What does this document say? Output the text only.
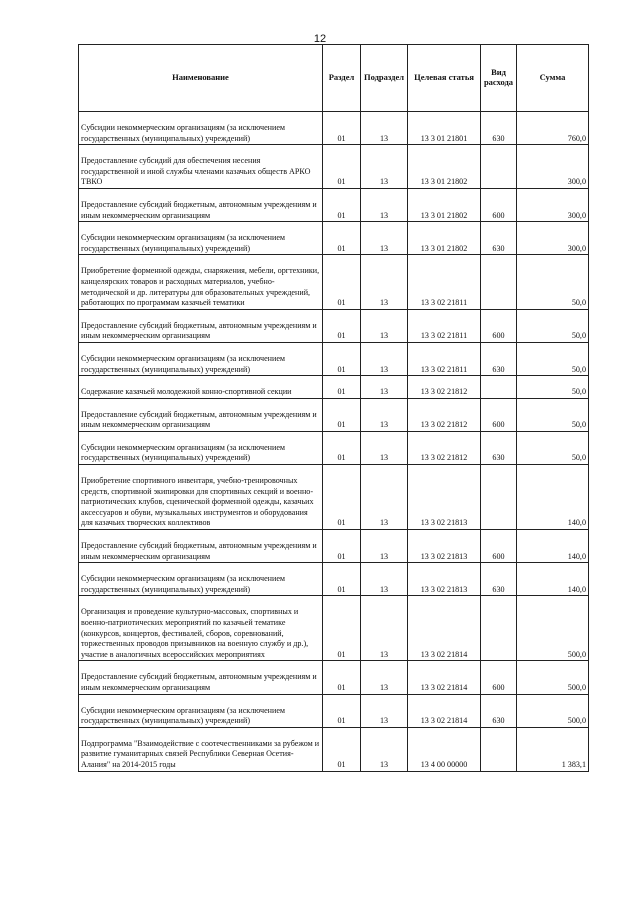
12
Наименование	Раздел	Подраздел	Целевая статья	Вид расхода	Сумма
Субсидии некоммерческим организациям (за исключением государственных (муниципальных) учреждений)	01	13	13 3 01 21801	630	760,0
Предоставление субсидий для обеспечения несения государственной и иной службы членами казачьих обществ АРКО ТВКО	01	13	13 3 01 21802		300,0
Предоставление субсидий бюджетным, автономным учреждениям и иным некоммерческим организациям	01	13	13 3 01 21802	600	300,0
Субсидии некоммерческим организациям (за исключением государственных (муниципальных) учреждений)	01	13	13 3 01 21802	630	300,0
Приобретение форменной одежды, снаряжения, мебели, оргтехники, канцелярских товаров и расходных материалов, учебно-методической и др. литературы для образовательных учреждений, работающих по программам казачьей тематики	01	13	13 3 02 21811		50,0
Предоставление субсидий бюджетным, автономным учреждениям и иным некоммерческим организациям	01	13	13 3 02 21811	600	50,0
Субсидии некоммерческим организациям (за исключением государственных (муниципальных) учреждений)	01	13	13 3 02 21811	630	50,0
Содержание казачьей молодежной конно-спортивной секции	01	13	13 3 02 21812		50,0
Предоставление субсидий бюджетным, автономным учреждениям и иным некоммерческим организациям	01	13	13 3 02 21812	600	50,0
Субсидии некоммерческим организациям (за исключением государственных (муниципальных) учреждений)	01	13	13 3 02 21812	630	50,0
Приобретение спортивного инвентаря, учебно-тренировочных средств, спортивной экипировки для спортивных секций и военно-патриотических клубов, сценической форменной одежды, казачьих аксессуаров и обуви, музыкальных инструментов и оборудования для казачьих творческих коллективов	01	13	13 3 02 21813		140,0
Предоставление субсидий бюджетным, автономным учреждениям и иным некоммерческим организациям	01	13	13 3 02 21813	600	140,0
Субсидии некоммерческим организациям (за исключением государственных (муниципальных) учреждений)	01	13	13 3 02 21813	630	140,0
Организация и проведение культурно-массовых, спортивных и военно-патриотических мероприятий по казачьей тематике (конкурсов, концертов, фестивалей, сборов, соревнований, торжественных проводов призывников на военную службу и др.), участие в аналогичных всероссийских мероприятиях	01	13	13 3 02 21814		500,0
Предоставление субсидий бюджетным, автономным учреждениям и иным некоммерческим организациям	01	13	13 3 02 21814	600	500,0
Субсидии некоммерческим организациям (за исключением государственных (муниципальных) учреждений)	01	13	13 3 02 21814	630	500,0
Подпрограмма "Взаимодействие с соотечественниками за рубежом и развитие гуманитарных связей Республики Северная Осетия-Алания" на 2014-2015 годы	01	13	13 4 00 00000		1 383,1
